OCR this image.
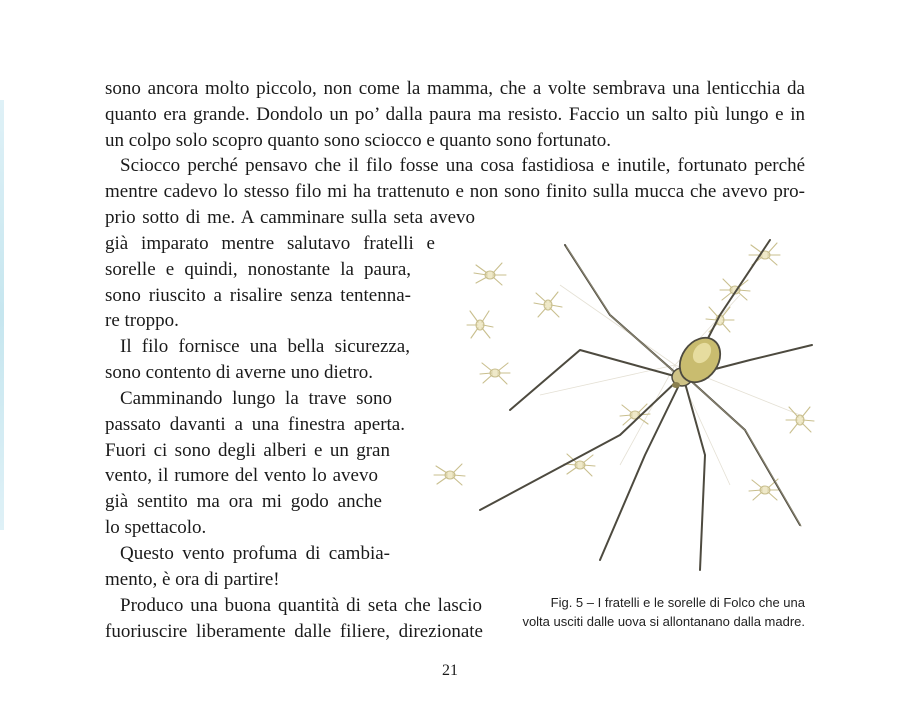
sono ancora molto piccolo, non come la mamma, che a volte sembrava una lenticchia da
quanto era grande. Dondolo un po’ dalla paura ma resisto. Faccio un salto più lungo e in
un colpo solo scopro quanto sono sciocco e quanto sono fortunato.
Sciocco perché pensavo che il filo fosse una cosa fastidiosa e inutile, fortunato perché
mentre cadevo lo stesso filo mi ha trattenuto e non sono finito sulla mucca che avevo pro-
prio sotto di me. A camminare sulla seta avevo
già imparato mentre salutavo fratelli e
sorelle e quindi, nonostante la paura,
sono riuscito a risalire senza tentenna-
re troppo.
Il filo fornisce una bella sicurezza,
sono contento di averne uno dietro.
Camminando lungo la trave sono
passato davanti a una finestra aperta.
Fuori ci sono degli alberi e un gran
vento, il rumore del vento lo avevo
già sentito ma ora mi godo anche
lo spettacolo.
Questo vento profuma di cambia-
mento, è ora di partire!
Produco una buona quantità di seta che lascio
fuoriuscire liberamente dalle filiere, direzionate
Fig. 5 – I fratelli e le sorelle di Folco che una
volta usciti dalle uova si allontanano dalla madre.
21
